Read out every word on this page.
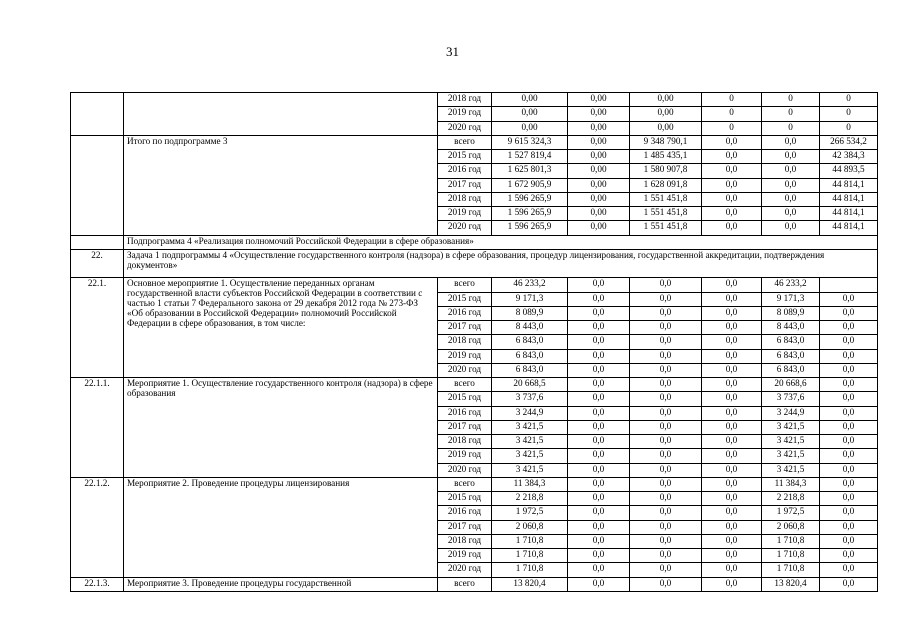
31
		2018 год	0,00	0,00	0,00	0	0	0
		2019 год	0,00	0,00	0,00	0	0	0
		2020 год	0,00	0,00	0,00	0	0	0
	Итого по подпрограмме 3	всего	9 615 324,3	0,00	9 348 790,1	0,0	0,0	266 534,2
		2015 год	1 527 819,4	0,00	1 485 435,1	0,0	0,0	42 384,3
		2016 год	1 625 801,3	0,00	1 580 907,8	0,0	0,0	44 893,5
		2017 год	1 672 905,9	0,00	1 628 091,8	0,0	0,0	44 814,1
		2018 год	1 596 265,9	0,00	1 551 451,8	0,0	0,0	44 814,1
		2019 год	1 596 265,9	0,00	1 551 451,8	0,0	0,0	44 814,1
		2020 год	1 596 265,9	0,00	1 551 451,8	0,0	0,0	44 814,1
	Подпрограмма 4 «Реализация полномочий Российской Федерации в сфере образования»							
22.	Задача 1 подпрограммы 4 «Осуществление государственного контроля (надзора) в сфере образования, процедур лицензирования, государственной аккредитации, подтверждения документов»							
22.1.	Основное мероприятие 1. Осуществление переданных органам государственной власти субъектов Российской Федерации в соответствии с частью 1 статьи 7 Федерального закона от 29 декабря 2012 года № 273-ФЗ «Об образовании в Российской Федерации» полномочий Российской Федерации в сфере образования, в том числе:	всего	46 233,2	0,0	0,0	0,0	46 233,2	
		2015 год	9 171,3	0,0	0,0	0,0	9 171,3	0,0
		2016 год	8 089,9	0,0	0,0	0,0	8 089,9	0,0
		2017 год	8 443,0	0,0	0,0	0,0	8 443,0	0,0
		2018 год	6 843,0	0,0	0,0	0,0	6 843,0	0,0
		2019 год	6 843,0	0,0	0,0	0,0	6 843,0	0,0
		2020 год	6 843,0	0,0	0,0	0,0	6 843,0	0,0
22.1.1.	Мероприятие 1. Осуществление государственного контроля (надзора) в сфере образования	всего	20 668,5	0,0	0,0	0,0	20 668,6	0,0
		2015 год	3 737,6	0,0	0,0	0,0	3 737,6	0,0
		2016 год	3 244,9	0,0	0,0	0,0	3 244,9	0,0
		2017 год	3 421,5	0,0	0,0	0,0	3 421,5	0,0
		2018 год	3 421,5	0,0	0,0	0,0	3 421,5	0,0
		2019 год	3 421,5	0,0	0,0	0,0	3 421,5	0,0
		2020 год	3 421,5	0,0	0,0	0,0	3 421,5	0,0
22.1.2.	Мероприятие 2. Проведение процедуры лицензирования	всего	11 384,3	0,0	0,0	0,0	11 384,3	0,0
		2015 год	2 218,8	0,0	0,0	0,0	2 218,8	0,0
		2016 год	1 972,5	0,0	0,0	0,0	1 972,5	0,0
		2017 год	2 060,8	0,0	0,0	0,0	2 060,8	0,0
		2018 год	1 710,8	0,0	0,0	0,0	1 710,8	0,0
		2019 год	1 710,8	0,0	0,0	0,0	1 710,8	0,0
		2020 год	1 710,8	0,0	0,0	0,0	1 710,8	0,0
22.1.3.	Мероприятие 3. Проведение процедуры государственной	всего	13 820,4	0,0	0,0	0,0	13 820,4	0,0
